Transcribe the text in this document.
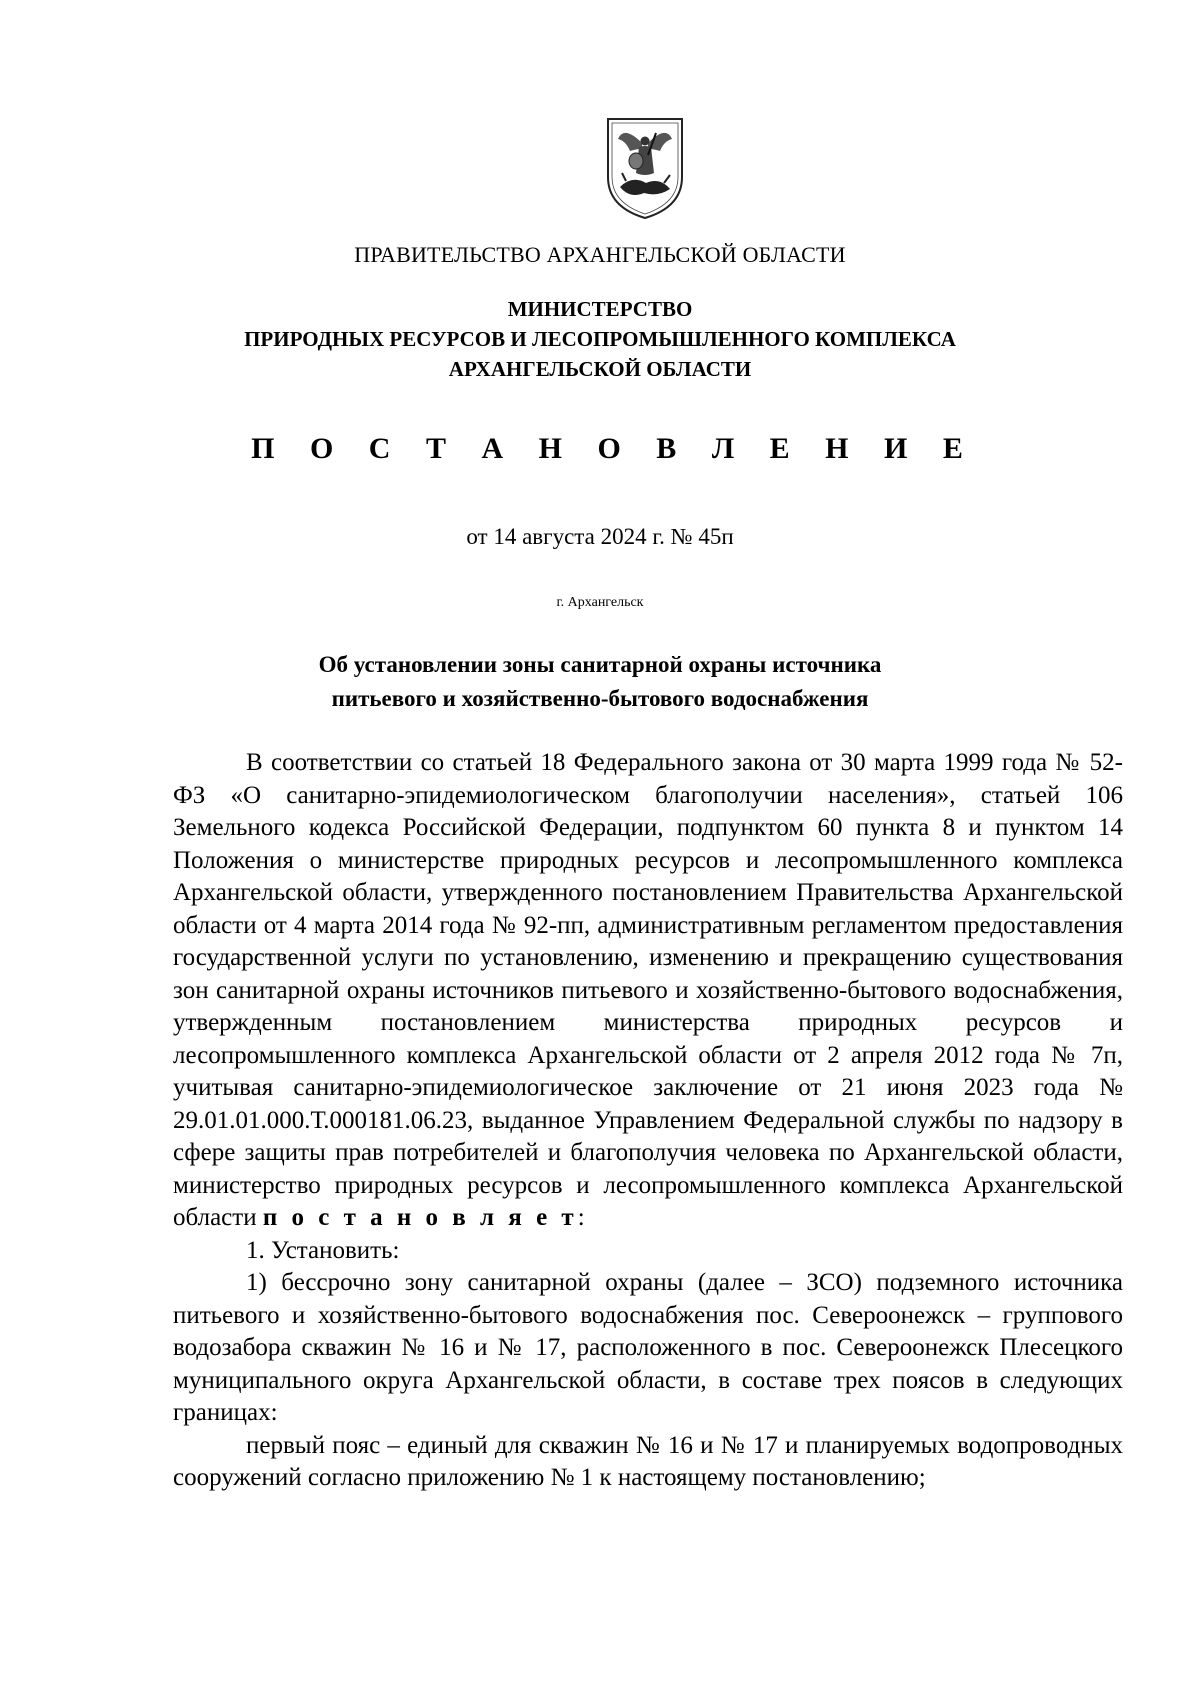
ПРАВИТЕЛЬСТВО АРХАНГЕЛЬСКОЙ ОБЛАСТИ
МИНИСТЕРСТВО
ПРИРОДНЫХ РЕСУРСОВ И ЛЕСОПРОМЫШЛЕННОГО КОМПЛЕКСА
АРХАНГЕЛЬСКОЙ ОБЛАСТИ
П О С Т А Н О В Л Е Н И Е
от 14 августа 2024 г. № 45п
г. Архангельск
Об установлении зоны санитарной охраны источника
питьевого и хозяйственно-бытового водоснабжения

В соответствии со статьей 18 Федерального закона от 30 марта 1999 года № 52-ФЗ «О санитарно-эпидемиологическом благополучии населения», статьей 106 Земельного кодекса Российской Федерации, подпунктом 60 пункта 8 и пунктом 14 Положения о министерстве природных ресурсов и лесопромышленного комплекса Архангельской области, утвержденного постановлением Правительства Архангельской области от 4 марта 2014 года № 92-пп, административным регламентом предоставления государственной услуги по установлению, изменению и прекращению существования зон санитарной охраны источников питьевого и хозяйственно-бытового водоснабжения, утвержденным постановлением министерства природных ресурсов и лесопромышленного комплекса Архангельской области от 2 апреля 2012 года № 7п, учитывая санитарно-эпидемиологическое заключение от 21 июня 2023 года № 29.01.01.000.Т.000181.06.23, выданное Управлением Федеральной службы по надзору в сфере защиты прав потребителей и благополучия человека по Архангельской области, министерство природных ресурсов и лесопромышленного комплекса Архангельской области п о с т а н о в л я е т:

1. Установить:

1) бессрочно зону санитарной охраны (далее – ЗСО) подземного источника питьевого и хозяйственно-бытового водоснабжения пос. Североонежск – группового водозабора скважин № 16 и № 17, расположенного в пос. Североонежск Плесецкого муниципального округа Архангельской области, в составе трех поясов в следующих границах:

первый пояс – единый для скважин № 16 и № 17 и планируемых водопроводных сооружений согласно приложению № 1 к настоящему постановлению;
